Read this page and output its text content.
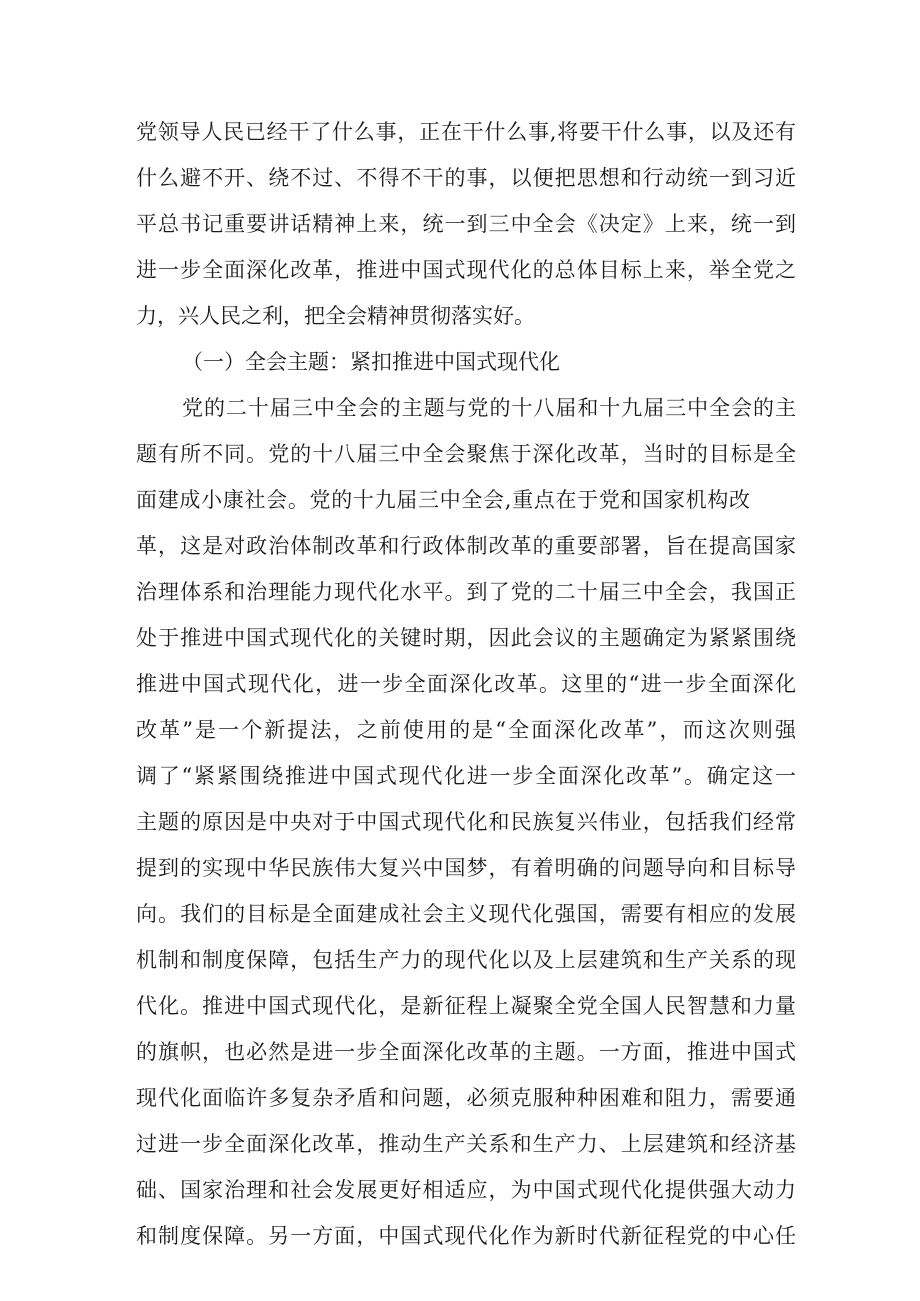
党领导人民已经干了什么事，正在干什么事,将要干什么事，以及还有
什么避不开、绕不过、不得不干的事，以便把思想和行动统一到习近
平总书记重要讲话精神上来，统一到三中全会《决定》上来，统一到
进一步全面深化改革，推进中国式现代化的总体目标上来，举全党之
力，兴人民之利，把全会精神贯彻落实好。
（一）全会主题：紧扣推进中国式现代化
党的二十届三中全会的主题与党的十八届和十九届三中全会的主
题有所不同。党的十八届三中全会聚焦于深化改革，当时的目标是全
面建成小康社会。党的十九届三中全会,重点在于党和国家机构改
革，这是对政治体制改革和行政体制改革的重要部署，旨在提高国家
治理体系和治理能力现代化水平。到了党的二十届三中全会，我国正
处于推进中国式现代化的关键时期，因此会议的主题确定为紧紧围绕
推进中国式现代化，进一步全面深化改革。这里的“进一步全面深化
改革”是一个新提法，之前使用的是“全面深化改革”，而这次则强
调了“紧紧围绕推进中国式现代化进一步全面深化改革”。确定这一
主题的原因是中央对于中国式现代化和民族复兴伟业，包括我们经常
提到的实现中华民族伟大复兴中国梦，有着明确的问题导向和目标导
向。我们的目标是全面建成社会主义现代化强国，需要有相应的发展
机制和制度保障，包括生产力的现代化以及上层建筑和生产关系的现
代化。推进中国式现代化，是新征程上凝聚全党全国人民智慧和力量
的旗帜，也必然是进一步全面深化改革的主题。一方面，推进中国式
现代化面临许多复杂矛盾和问题，必须克服种种困难和阻力，需要通
过进一步全面深化改革，推动生产关系和生产力、上层建筑和经济基
础、国家治理和社会发展更好相适应，为中国式现代化提供强大动力
和制度保障。另一方面，中国式现代化作为新时代新征程党的中心任
